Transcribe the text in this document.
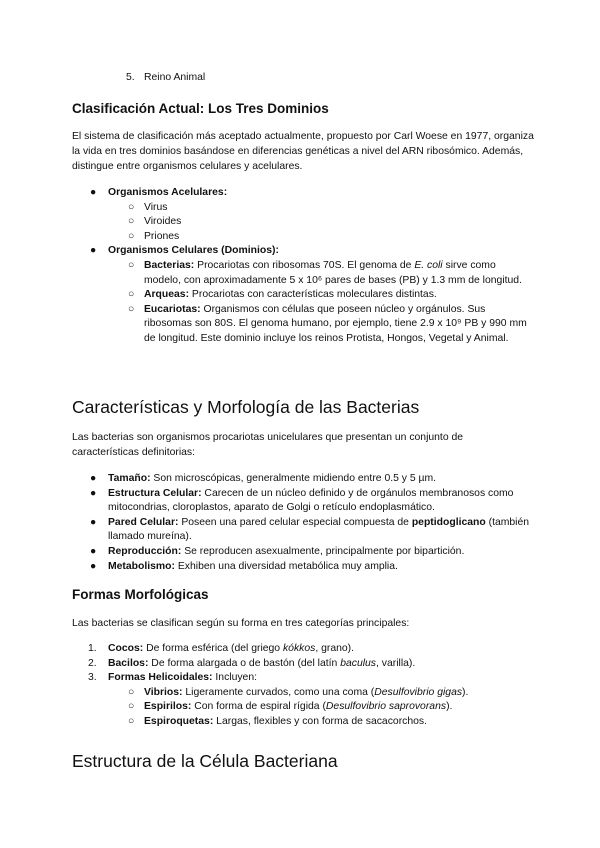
5. Reino Animal
Clasificación Actual: Los Tres Dominios

El sistema de clasificación más aceptado actualmente, propuesto por Carl Woese en 1977, organiza la vida en tres dominios basándose en diferencias genéticas a nivel del ARN ribosómico. Además, distingue entre organismos celulares y acelulares.

● Organismos Acelulares:
○ Virus
○ Viroides
○ Priones
● Organismos Celulares (Dominios):
○ Bacterias: Procariotas con ribosomas 70S. El genoma de E. coli sirve como modelo, con aproximadamente 5 x 10⁶ pares de bases (PB) y 1.3 mm de longitud.
○ Arqueas: Procariotas con características moleculares distintas.
○ Eucariotas: Organismos con células que poseen núcleo y orgánulos. Sus ribosomas son 80S. El genoma humano, por ejemplo, tiene 2.9 x 10⁹ PB y 990 mm de longitud. Este dominio incluye los reinos Protista, Hongos, Vegetal y Animal.
Características y Morfología de las Bacterias

Las bacterias son organismos procariotas unicelulares que presentan un conjunto de características definitorias:

● Tamaño: Son microscópicas, generalmente midiendo entre 0.5 y 5 µm.
● Estructura Celular: Carecen de un núcleo definido y de orgánulos membranosos como mitocondrias, cloroplastos, aparato de Golgi o retículo endoplasmático.
● Pared Celular: Poseen una pared celular especial compuesta de peptidoglicano (también llamado mureína).
● Reproducción: Se reproducen asexualmente, principalmente por bipartición.
● Metabolismo: Exhiben una diversidad metabólica muy amplia.
Formas Morfológicas

Las bacterias se clasifican según su forma en tres categorías principales:

1. Cocos: De forma esférica (del griego kókkos, grano).
2. Bacilos: De forma alargada o de bastón (del latín baculus, varilla).
3. Formas Helicoidales: Incluyen:
○ Vibrios: Ligeramente curvados, como una coma (Desulfovibrio gigas).
○ Espirilos: Con forma de espiral rígida (Desulfovibrio saprovorans).
○ Espiroquetas: Largas, flexibles y con forma de sacacorchos.
Estructura de la Célula Bacteriana
